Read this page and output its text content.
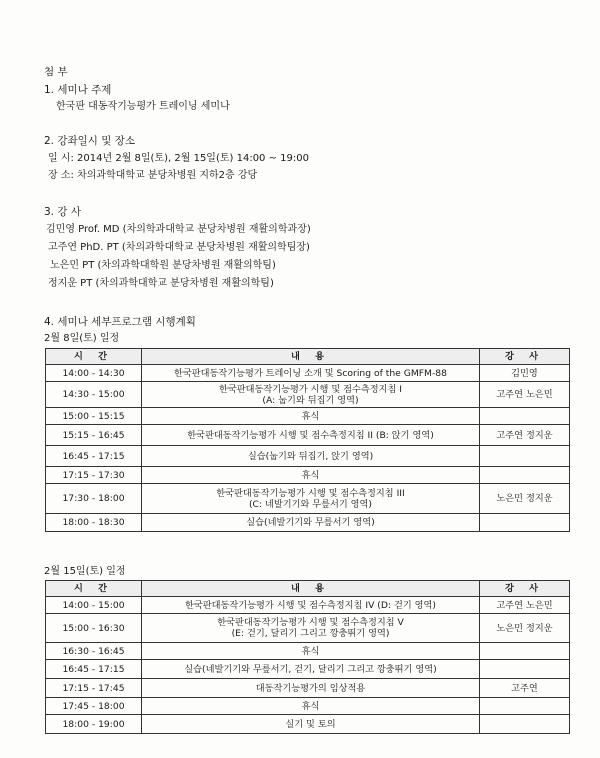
첨 부
1. 세미나 주제
한국판 대동작기능평가 트레이닝 세미나
2. 강좌일시 및 장소
일 시: 2014년 2월 8일(토), 2월 15일(토) 14:00 ~ 19:00
장 소: 차의과학대학교 분당차병원 지하2층 강당
3. 강 사
김민영 Prof. MD (차의학과대학교 분당차병원 재활의학과장)
고주연 PhD. PT (차의과학대학교 분당차병원 재활의학팀장)
노은민 PT (차의과학대학원 분당차병원 재활의학팀)
정지운 PT (차의과학대학교 분당차병원 재활의학팀)
4. 세미나 세부프로그램 시행계획
2월 8일(토) 일정
시 간	내 용	강 사
14:00 - 14:30	한국판대동작기능평가 트레이닝 소개 및 Scoring of the GMFM-88	김민영
14:30 - 15:00	한국판대동작기능평가 시행 및 점수측정지침 I
(A: 눕기와 뒤집기 영역)	고주연 노은민
15:00 - 15:15	휴식	
15:15 - 16:45	한국판대동작기능평가 시행 및 점수측정지침 II (B: 앉기 영역)	고주연 정지운
16:45 - 17:15	실습(눕기와 뒤집기, 앉기 영역)	
17:15 - 17:30	휴식	
17:30 - 18:00	한국판대동작기능평가 시행 및 점수측정지침 III
(C: 네발기기와 무릎서기 영역)	노은민 정지운
18:00 - 18:30	실습(네발기기와 무릎서기 영역)	
2월 15일(토) 일정
시 간	내 용	강 사
14:00 - 15:00	한국판대동작기능평가 시행 및 점수측정지침 IV (D: 걷기 영역)	고주연 노은민
15:00 - 16:30	한국판대동작기능평가 시행 및 점수측정지침 V
(E: 걷기, 달리기 그리고 깡충뛰기 영역)	노은민 정지운
16:30 - 16:45	휴식	
16:45 - 17:15	실습(네발기기와 무릎서기, 걷기, 달리기 그리고 깡충뛰기 영역)	
17:15 - 17:45	대동작기능평가의 임상적용	고주연
17:45 - 18:00	휴식	
18:00 - 19:00	실기 및 토의	
